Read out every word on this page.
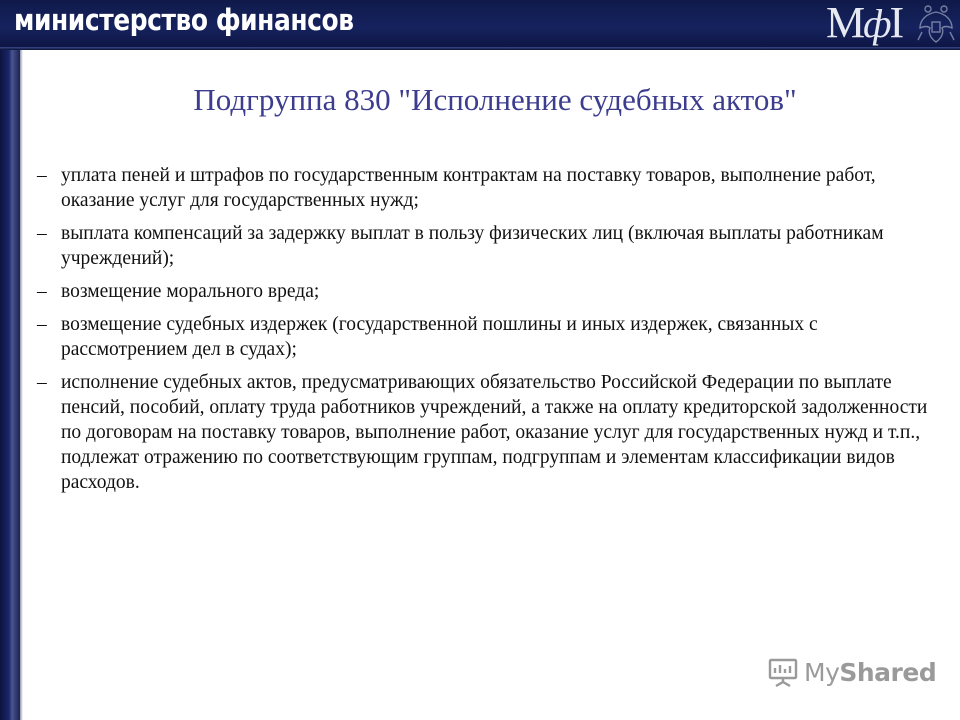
министерство финансов	МфI
Подгруппа 830 "Исполнение судебных актов"
– уплата пеней и штрафов по государственным контрактам на поставку товаров, выполнение работ, оказание услуг для государственных нужд;
– выплата компенсаций за задержку выплат в пользу физических лиц (включая выплаты работникам учреждений);
– возмещение морального вреда;
– возмещение судебных издержек (государственной пошлины и иных издержек, связанных с рассмотрением дел в судах);
– исполнение судебных актов, предусматривающих обязательство Российской Федерации по выплате пенсий, пособий, оплату труда работников учреждений, а также на оплату кредиторской задолженности по договорам на поставку товаров, выполнение работ, оказание услуг для государственных нужд и т.п., подлежат отражению по соответствующим группам, подгруппам и элементам классификации видов расходов.
MyShared
